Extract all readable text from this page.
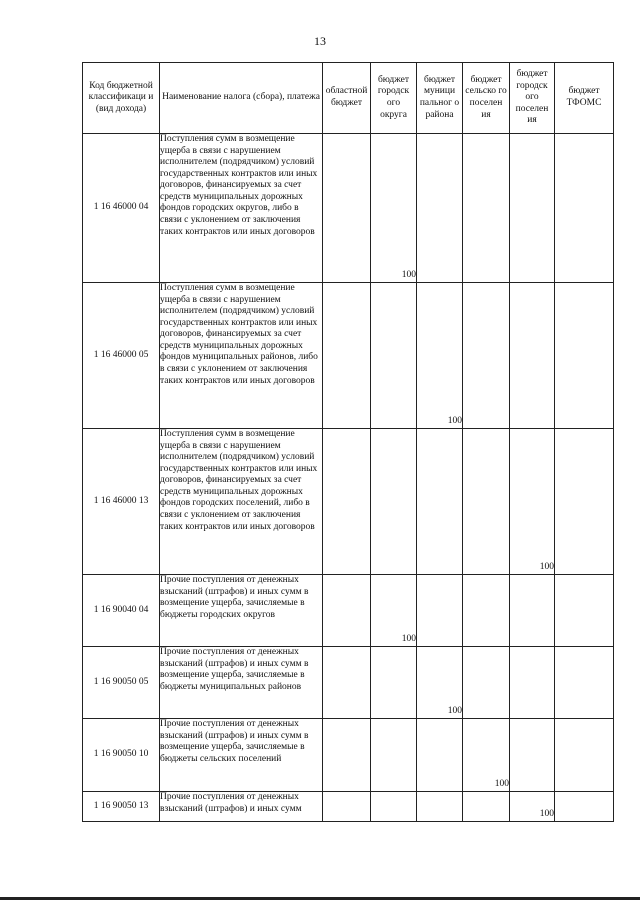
13
Код бюджетной классификаци и (вид дохода)	Наименование налога (сбора), платежа	областной бюджет	бюджет городск ого округа	бюджет муници пальног о района	бюджет сельско го поселен ия	бюджет городск ого поселен ия	бюджет ТФОМС
1 16 46000 04	Поступления сумм в возмещение ущерба в связи с нарушением исполнителем (подрядчиком) условий государственных контрактов или иных договоров, финансируемых за счет средств муниципальных дорожных фондов городских округов, либо в связи с уклонением от заключения таких контрактов или иных договоров		100				
1 16 46000 05	Поступления сумм в возмещение ущерба в связи с нарушением исполнителем (подрядчиком) условий государственных контрактов или иных договоров, финансируемых за счет средств муниципальных дорожных фондов муниципальных районов, либо в связи с уклонением от заключения таких контрактов или иных договоров			100			
1 16 46000 13	Поступления сумм в возмещение ущерба в связи с нарушением исполнителем (подрядчиком) условий государственных контрактов или иных договоров, финансируемых за счет средств муниципальных дорожных фондов городских поселений, либо в связи с уклонением от заключения таких контрактов или иных договоров					100	
1 16 90040 04	Прочие поступления от денежных взысканий (штрафов) и иных сумм в возмещение ущерба, зачисляемые в бюджеты городских округов		100				
1 16 90050 05	Прочие поступления от денежных взысканий (штрафов) и иных сумм в возмещение ущерба, зачисляемые в бюджеты муниципальных районов			100			
1 16 90050 10	Прочие поступления от денежных взысканий (штрафов) и иных сумм в возмещение ущерба, зачисляемые в бюджеты сельских поселений				100		
1 16 90050 13	Прочие поступления от денежных взысканий (штрафов) и иных сумм					100	
